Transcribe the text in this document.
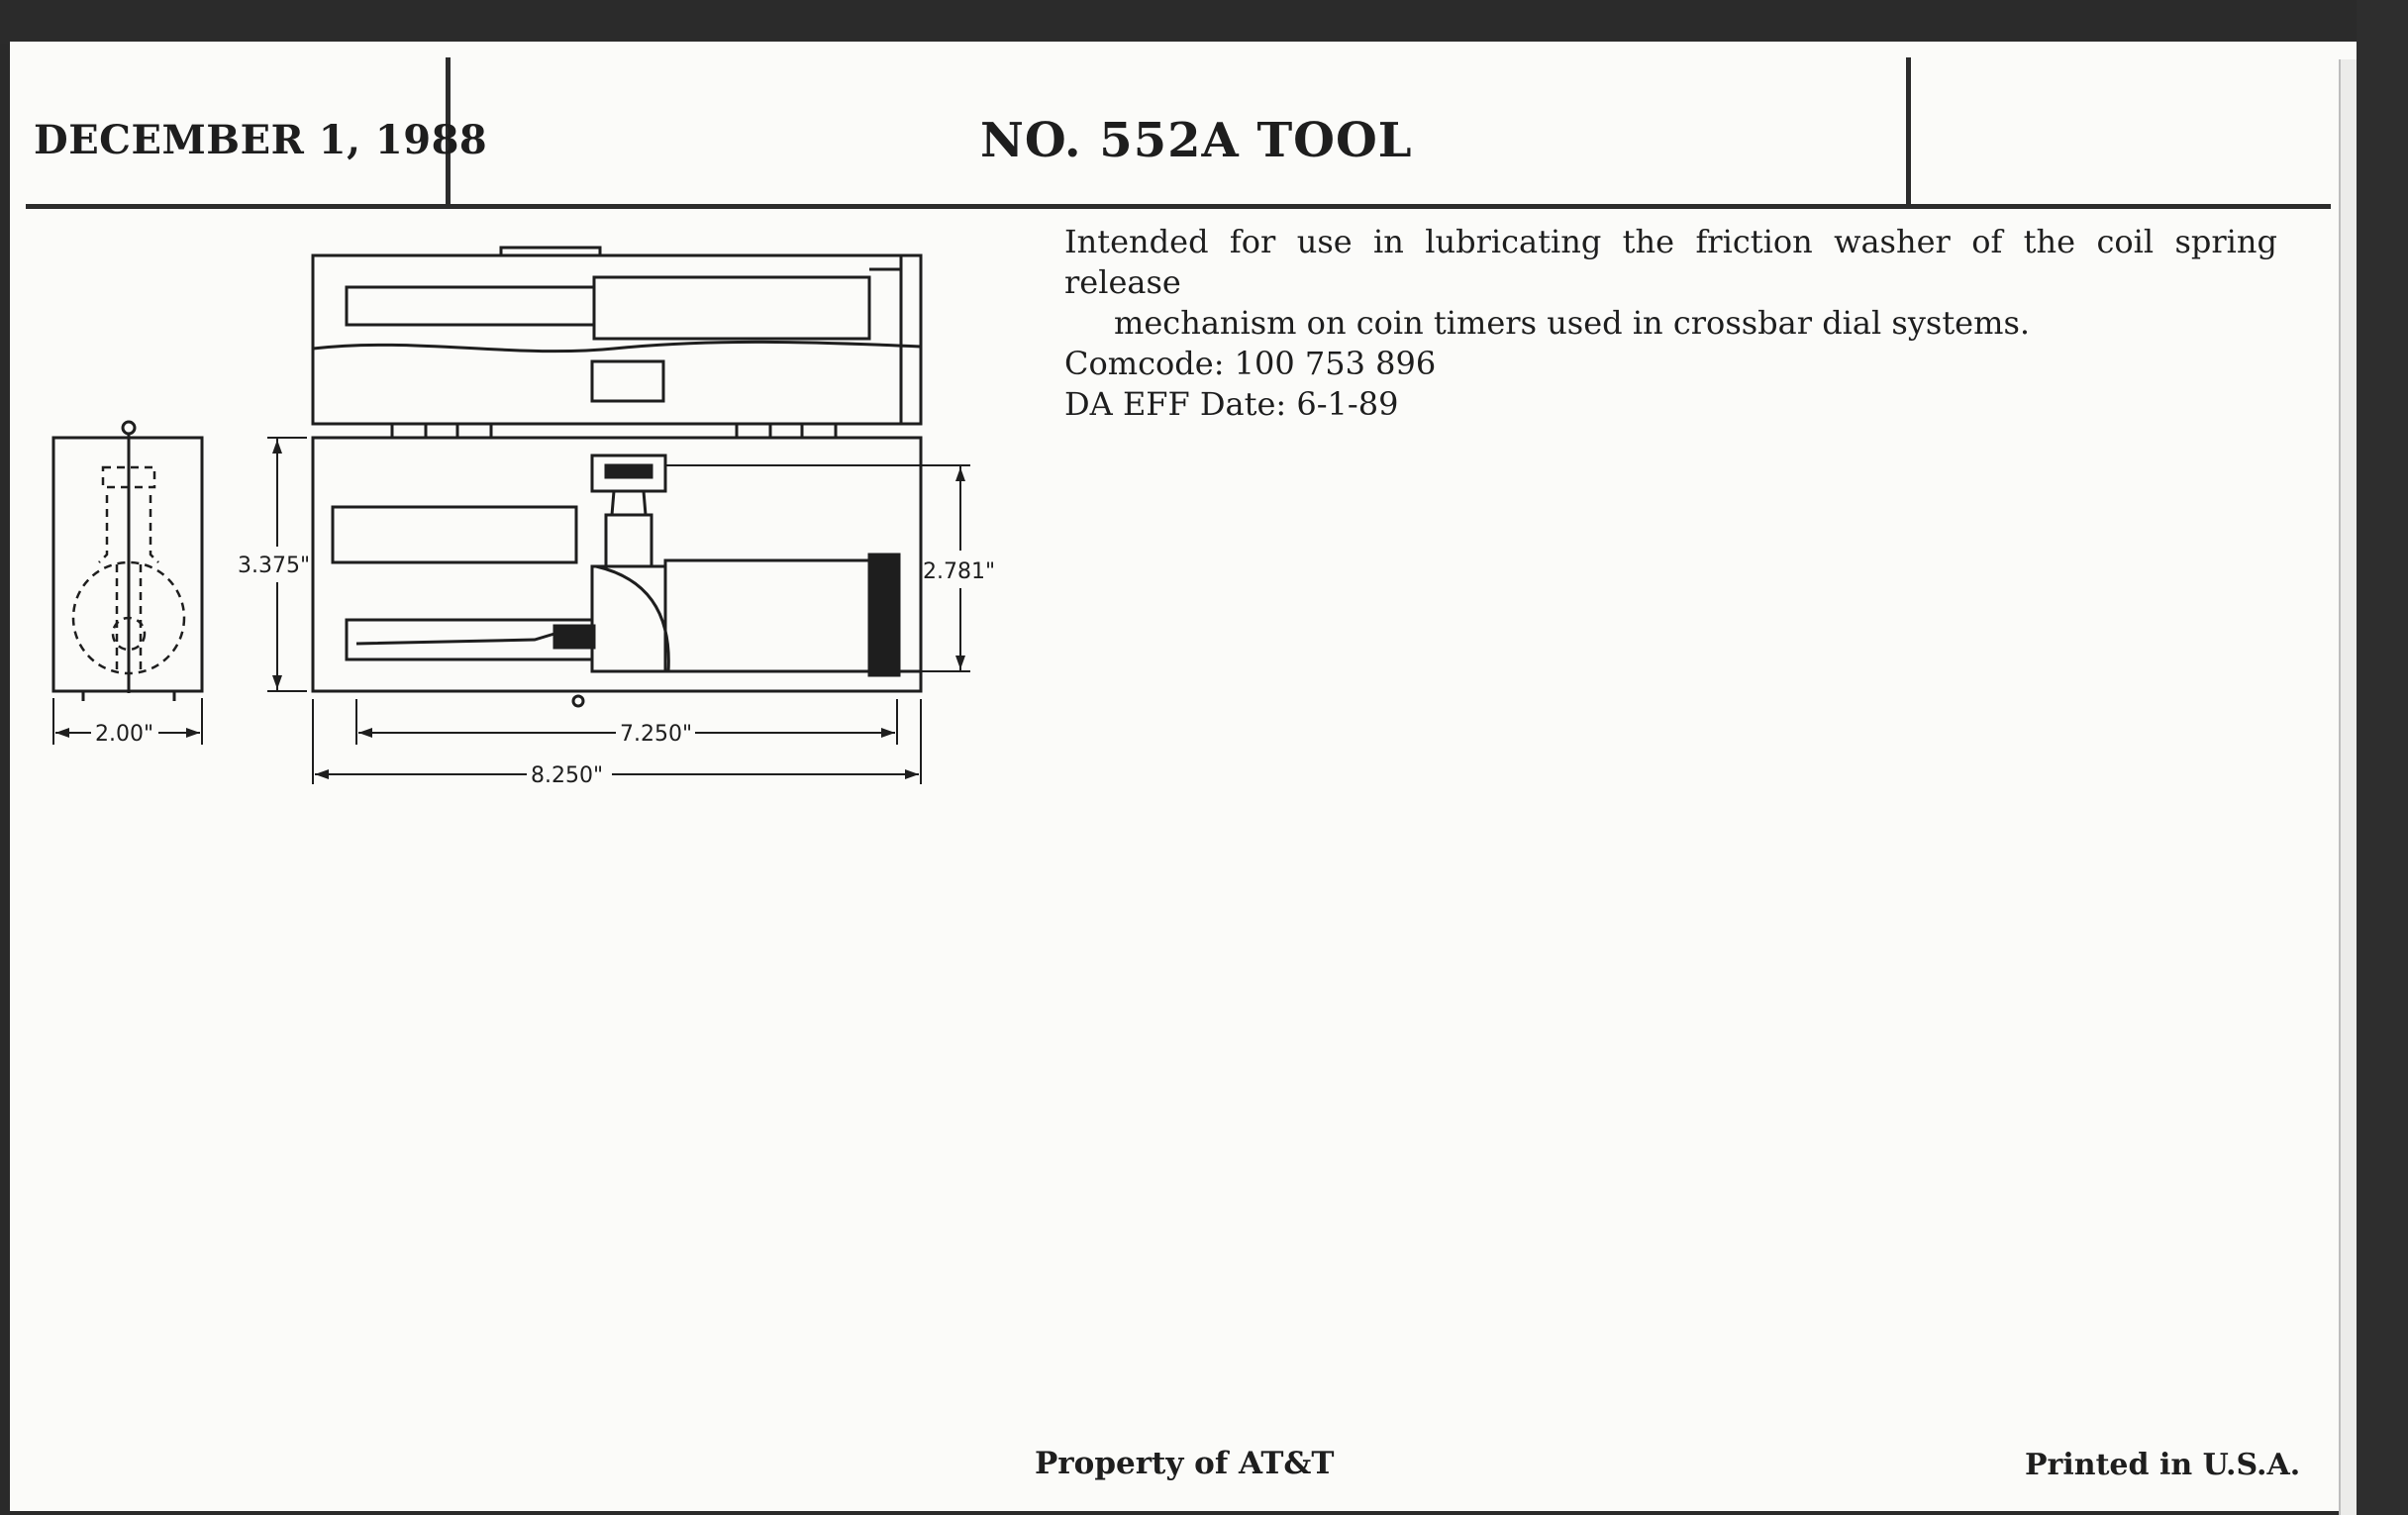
DECEMBER 1, 1988	NO. 552A TOOL
Intended for use in lubricating the friction washer of the coil spring release
mechanism on coin timers used in crossbar dial systems.
Comcode: 100 753 896
DA EFF Date: 6-1-89
3.375"	2.781"
2.00"	7.250"
8.250"
Property of AT&T	Printed in U.S.A.
